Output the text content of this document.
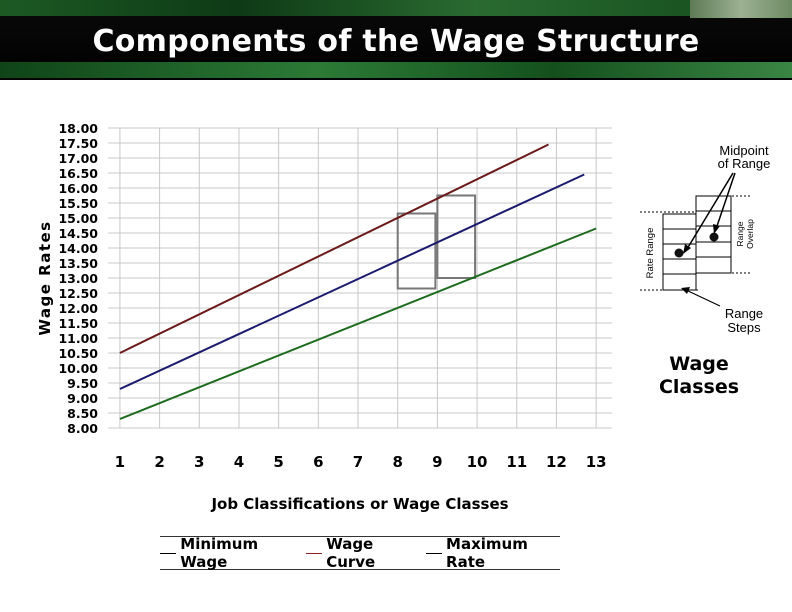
Components of the Wage Structure
8.00
8.50
9.00
9.50
10.00
10.50
11.00
11.50
12.00
12.50
13.00
13.50
14.00
14.50
15.00
15.50
16.00
16.50
17.00
17.50
18.00
1 2 3 4 5 6 7 8 9 10 11 12 13
Wage Rates
Job Classifications or Wage Classes
Midpoint
of Range
Rate Range	Range Overlap
Range
Steps
Wage
Classes
Minimum Wage
Wage Curve
Maximum Rate
